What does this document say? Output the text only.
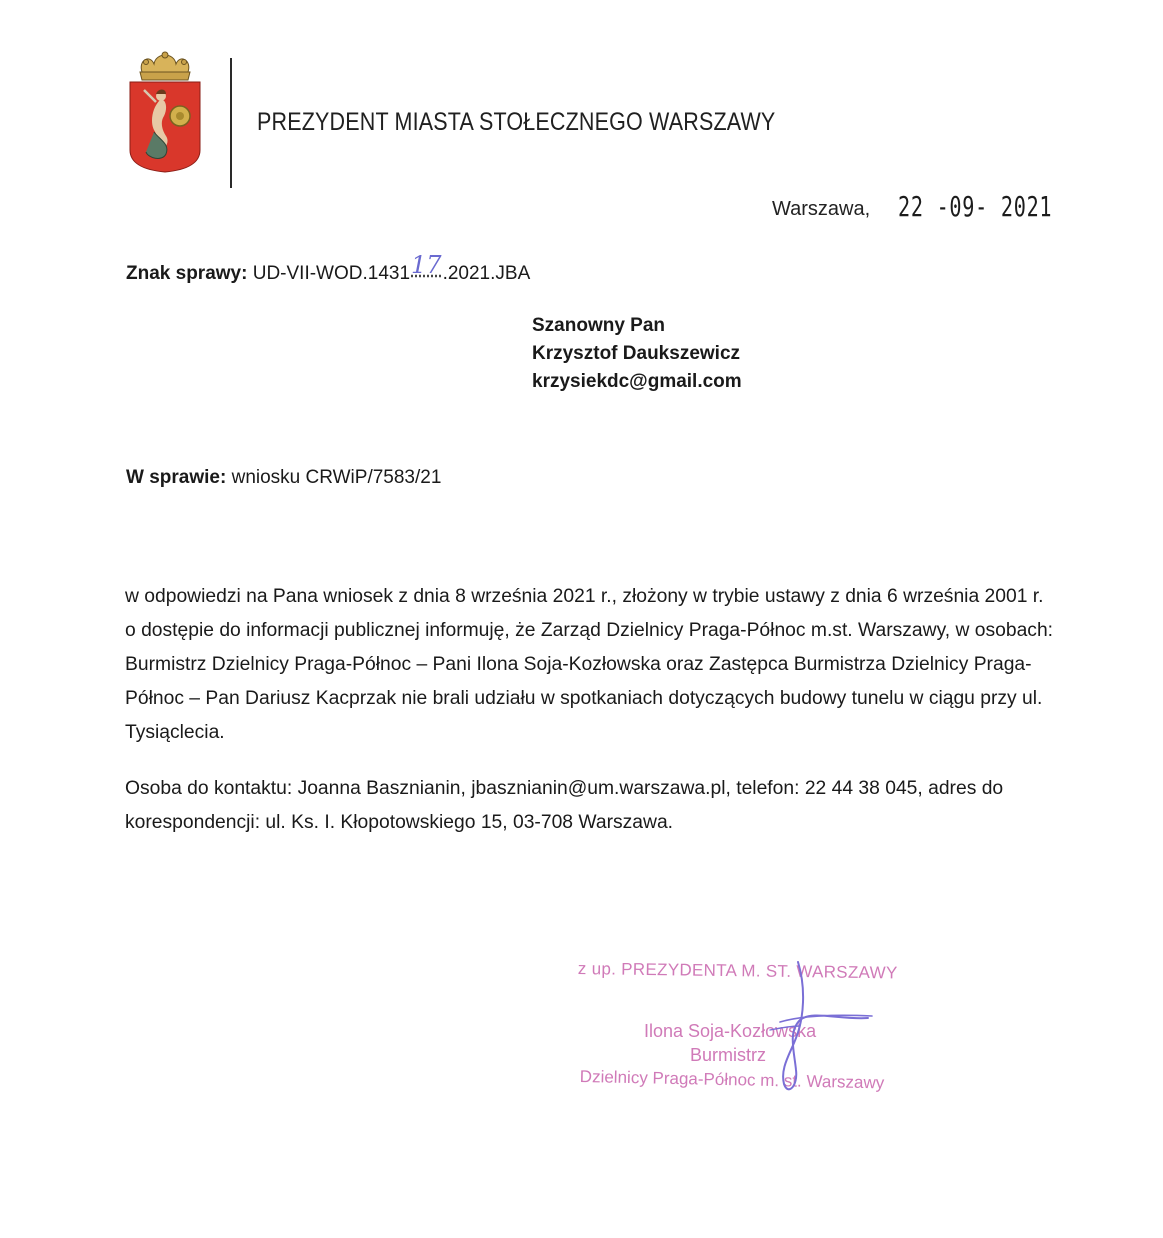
PREZYDENT MIASTA STOŁECZNEGO WARSZAWY
Warszawa, 22 -09- 2021
Znak sprawy: UD-VII-WOD.143117.2021.JBA
Szanowny Pan
Krzysztof Daukszewicz
krzysiekdc@gmail.com
W sprawie: wniosku CRWiP/7583/21
w odpowiedzi na Pana wniosek z dnia 8 września 2021 r., złożony w trybie ustawy z dnia 6 września 2001 r. o dostępie do informacji publicznej informuję, że Zarząd Dzielnicy Praga-Północ m.st. Warszawy, w osobach: Burmistrz Dzielnicy Praga-Północ – Pani Ilona Soja-Kozłowska oraz Zastępca Burmistrza Dzielnicy Praga-Północ – Pan Dariusz Kacprzak nie brali udziału w spotkaniach dotyczących budowy tunelu w ciągu przy ul. Tysiąclecia.
Osoba do kontaktu: Joanna Basznianin, jbasznianin@um.warszawa.pl, telefon: 22 44 38 045, adres do korespondencji: ul. Ks. I. Kłopotowskiego 15, 03-708 Warszawa.
z up. PREZYDENTA M. ST. WARSZAWY
Ilona Soja-Kozłowska
Burmistrz
Dzielnicy Praga-Północ m. st. Warszawy
